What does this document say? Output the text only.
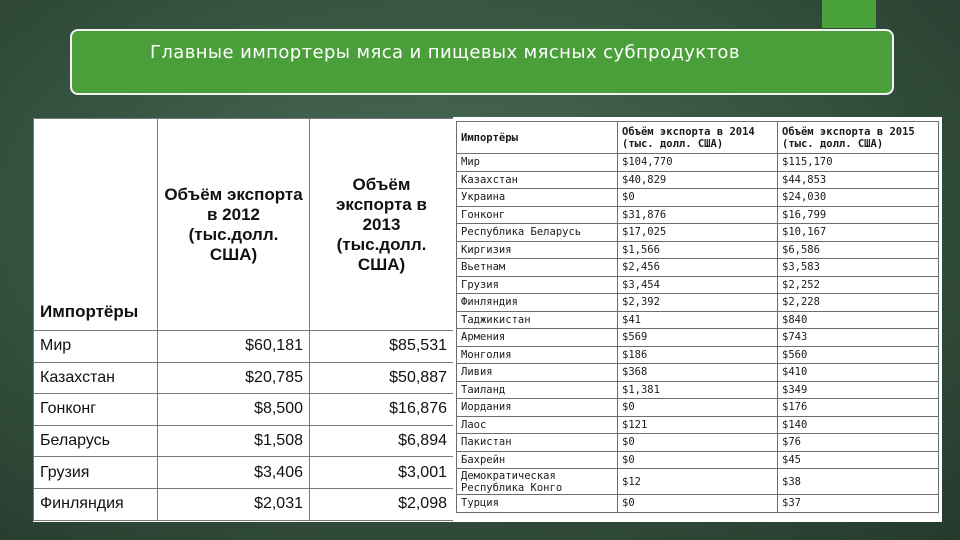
Главные импортеры мяса и пищевых мясных субпродуктов
Импортёры	Объём экспорта в 2012 (тыс.долл. США)	Объём экспорта в 2013 (тыс.долл. США)	
Мир	$60,181	$85,531	
Казахстан	$20,785	$50,887	
Гонконг	$8,500	$16,876	
Беларусь	$1,508	$6,894	
Грузия	$3,406	$3,001	
Финляндия	$2,031	$2,098	
Импортёры	Объём экспорта в 2014 (тыс. долл. США)	Объём экспорта в 2015 (тыс. долл. США)
Мир	$104,770	$115,170
Казахстан	$40,829	$44,853
Украина	$0	$24,030
Гонконг	$31,876	$16,799
Республика Беларусь	$17,025	$10,167
Киргизия	$1,566	$6,586
Вьетнам	$2,456	$3,583
Грузия	$3,454	$2,252
Финляндия	$2,392	$2,228
Таджикистан	$41	$840
Армения	$569	$743
Монголия	$186	$560
Ливия	$368	$410
Таиланд	$1,381	$349
Иордания	$0	$176
Лаос	$121	$140
Пакистан	$0	$76
Бахрейн	$0	$45
Демократическая Республика Конго	$12	$38
Турция	$0	$37
